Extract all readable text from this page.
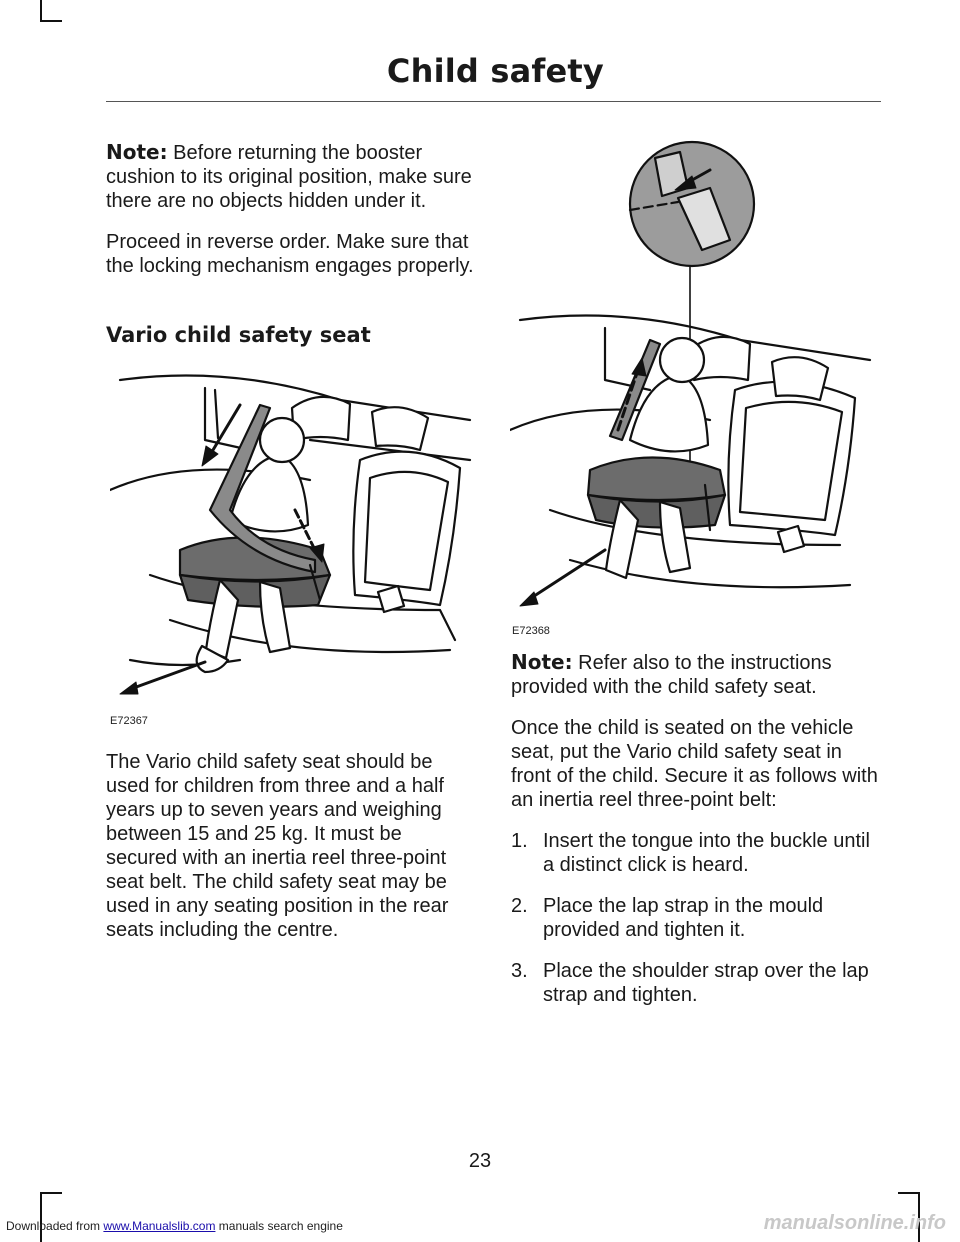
Child safety

Note: Before returning the booster cushion to its original position, make sure there are no objects hidden under it.

Proceed in reverse order. Make sure that the locking mechanism engages properly.

Vario child safety seat
E72367

The Vario child safety seat should be used for children from three and a half years up to seven years and weighing between 15 and 25 kg. It must be secured with an inertia reel three-point seat belt. The child safety seat may be used in any seating position in the rear seats including the centre.

E72368

Note: Refer also to the instructions provided with the child safety seat.

Once the child is seated on the vehicle seat, put the Vario child safety seat in front of the child. Secure it as follows with an inertia reel three-point belt:

1. Insert the tongue into the buckle until a distinct click is heard.
2. Place the lap strap in the mould provided and tighten it.
3. Place the shoulder strap over the lap strap and tighten.
23
Downloaded from www.Manualslib.com manuals search engine	manualsonline.info
